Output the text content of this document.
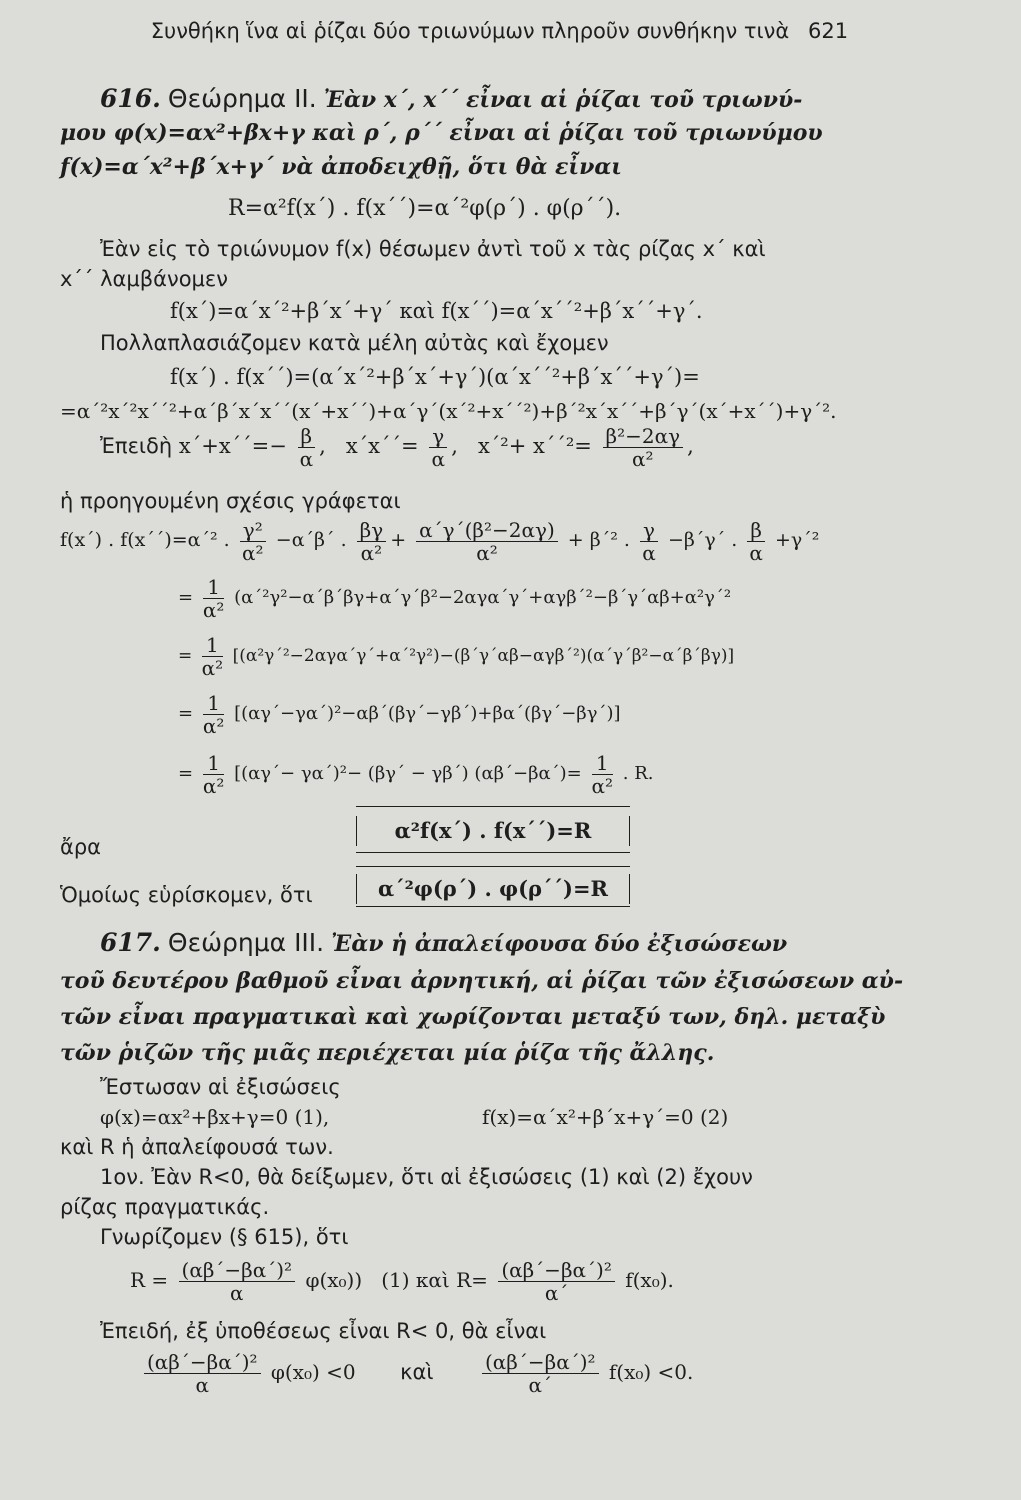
Συνθήκη ἵνα αἱ ῥίζαι δύο τριωνύμων πληροῦν συνθήκην τινὰ 621
616. Θεώρημα II. Ἐὰν x΄, x΄΄ εἶναι αἱ ῥίζαι τοῦ τριωνύ-
μου φ(x)=αx²+βx+γ καὶ ρ΄, ρ΄΄ εἶναι αἱ ῥίζαι τοῦ τριωνύμου
f(x)=α΄x²+β΄x+γ΄ νὰ ἀποδειχθῇ, ὅτι θὰ εἶναι
R=α²f(x΄) . f(x΄΄)=α΄²φ(ρ΄) . φ(ρ΄΄).
Ἐὰν εἰς τὸ τριώνυμον f(x) θέσωμεν ἀντὶ τοῦ x τὰς ρίζας x΄ καὶ
x΄΄ λαμβάνομεν
f(x΄)=α΄x΄²+β΄x΄+γ΄ καὶ f(x΄΄)=α΄x΄΄²+β΄x΄΄+γ΄.
Πολλαπλασιάζομεν κατὰ μέλη αὐτὰς καὶ ἔχομεν
f(x΄) . f(x΄΄)=(α΄x΄²+β΄x΄+γ΄)(α΄x΄΄²+β΄x΄΄+γ΄)=
=α΄²x΄²x΄΄²+α΄β΄x΄x΄΄(x΄+x΄΄)+α΄γ΄(x΄²+x΄΄²)+β΄²x΄x΄΄+β΄γ΄(x΄+x΄΄)+γ΄².
Ἐπειδὴ $x΄+x΄΄=- \frac{\beta}{\alpha}$ ,   $x΄x΄΄= \frac{\gamma}{\alpha}$ ,   $x΄^2+ x΄΄^2= \frac{\text{β²−2αγ}}{\text{α²}}$ ,
ἡ προηγουμένη σχέσις γράφεται
f(x΄) . f(x΄΄)=α΄² . $\frac{\text{γ²}}{\text{α²}} -\alpha΄\beta΄$ . $\frac{\beta\gamma}{\text{α²}} + \frac{\text{α΄γ΄(β²−2αγ)}}{\text{α²}} + \beta΄^2$ . $\frac{\gamma}{\alpha} -\beta΄\gamma΄$ . $\frac{\beta}{\alpha} +\gamma΄^2$
= $\frac{1}{\text{α²}} (\alpha΄^2\gamma^2-\alpha΄\beta΄\beta\gamma+\alpha΄\gamma΄\beta^2-2\alpha\gamma\alpha΄\gamma΄+\alpha\gamma\beta΄^2-\beta΄\gamma΄\alpha\beta+\alpha^2\gamma΄^2$
= $\frac{1}{\text{α²}} [(\alpha^2\gamma΄^2-2\alpha\gamma\alpha΄\gamma΄+\alpha΄^2\gamma^2)-(\beta΄\gamma΄\alpha\beta-\alpha\gamma\beta΄^2)(\alpha΄\gamma΄\beta^2-\alpha΄\beta΄\beta\gamma)]$
= $\frac{1}{\text{α²}} [(\alpha\gamma΄-\gamma\alpha΄)^2-\alpha\beta΄(\beta\gamma΄-\gamma\beta΄)+\beta\alpha΄(\beta\gamma΄-\beta\gamma΄)]$
= $\frac{1}{\text{α²}} [(\alpha\gamma΄- \gamma\alpha΄)^2- (\beta\gamma΄ - \gamma\beta΄)$ $(\alpha\beta΄-\beta\alpha΄)= \frac{1}{\text{α²}}$ . R.
ἄρα
α²f(x΄) . f(x΄΄)=R
Ὁμοίως εὑρίσκομεν, ὅτι	α΄²φ(ρ΄) . φ(ρ΄΄)=R
617. Θεώρημα III. Ἐὰν ἡ ἀπαλείφουσα δύο ἐξισώσεων
τοῦ δευτέρου βαθμοῦ εἶναι ἀρνητική, αἱ ῥίζαι τῶν ἐξισώσεων αὐ-
τῶν εἶναι πραγματικαὶ καὶ χωρίζονται μεταξύ των, δηλ. μεταξὺ
τῶν ῥιζῶν τῆς μιᾶς περιέχεται μία ῥίζα τῆς ἄλλης.
Ἔστωσαν αἱ ἐξισώσεις
φ(x)=αx²+βx+γ=0 (1),	f(x)=α΄x²+β΄x+γ΄=0 (2)
καὶ R ἡ ἀπαλείφουσά των.
1ον. Ἐὰν R<0, θὰ δείξωμεν, ὅτι αἱ ἐξισώσεις (1) καὶ (2) ἔχουν
ρίζας πραγματικάς.
Γνωρίζομεν (§ 615), ὅτι
$R = \frac{\text{(αβ΄−βα΄)²}}{\alpha} \varphi(x_0)$) (1) καὶ $R= \frac{\text{(αβ΄−βα΄)²}}{\alpha΄} f(x_0)$.
Ἐπειδή, ἐξ ὑποθέσεως εἶναι R< 0, θὰ εἶναι
$\frac{\text{(αβ΄−βα΄)²}}{\alpha} \varphi(x_0) <0$ καὶ $\frac{\text{(αβ΄−βα΄)²}}{\alpha΄} f(x_0) <0$.
